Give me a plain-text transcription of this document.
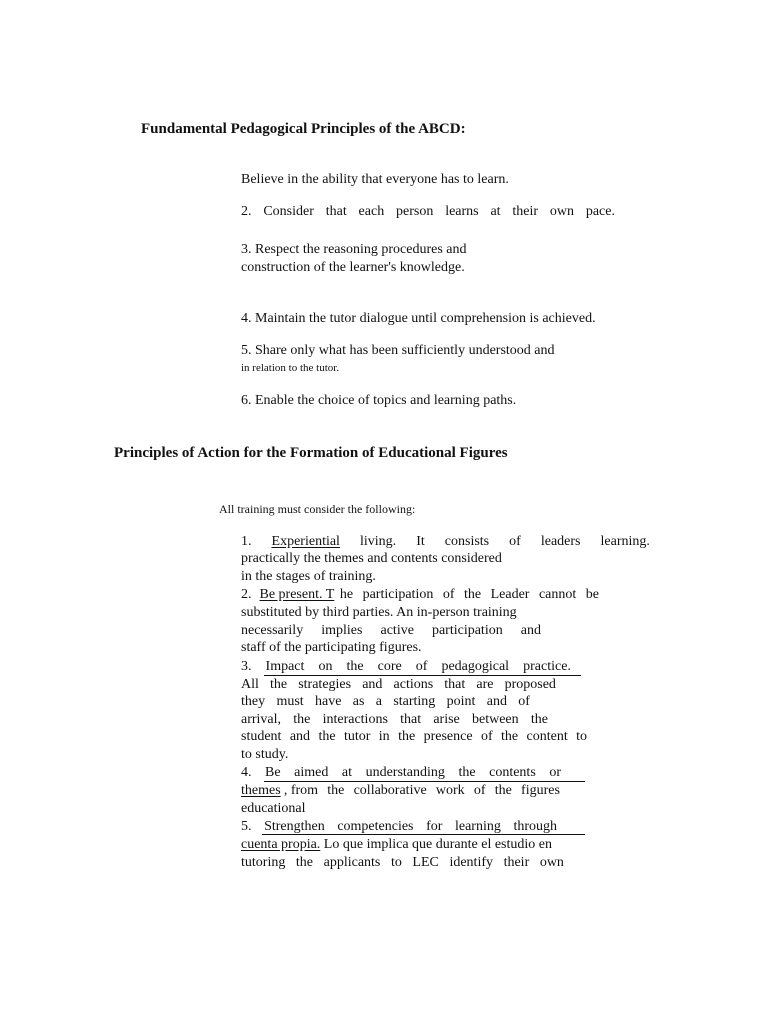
Fundamental Pedagogical Principles of the ABCD:
Believe in the ability that everyone has to learn.
2. Consider that each person learns at their own pace.
3. Respect the reasoning procedures and
construction of the learner's knowledge.
4. Maintain the tutor dialogue until comprehension is achieved.
5. Share only what has been sufficiently understood and
in relation to the tutor.
6. Enable the choice of topics and learning paths.
Principles of Action for the Formation of Educational Figures
All training must consider the following:
1. Experiential living. It consists of leaders learning.
practically the themes and contents considered
in the stages of training.
2. Be present. T he participation of the Leader cannot be
substituted by third parties. An in-person training
necessarily implies active participation and
staff of the participating figures.
3. Impact on the core of pedagogical practice.
All the strategies and actions that are proposed
they must have as a starting point and of
arrival, the interactions that arise between the
student and the tutor in the presence of the content to
to study.
4. Be aimed at understanding the contents or
themes , from the collaborative work of the figures
educational
5. Strengthen competencies for learning through
cuenta propia. Lo que implica que durante el estudio en
tutoring the applicants to LEC identify their own
